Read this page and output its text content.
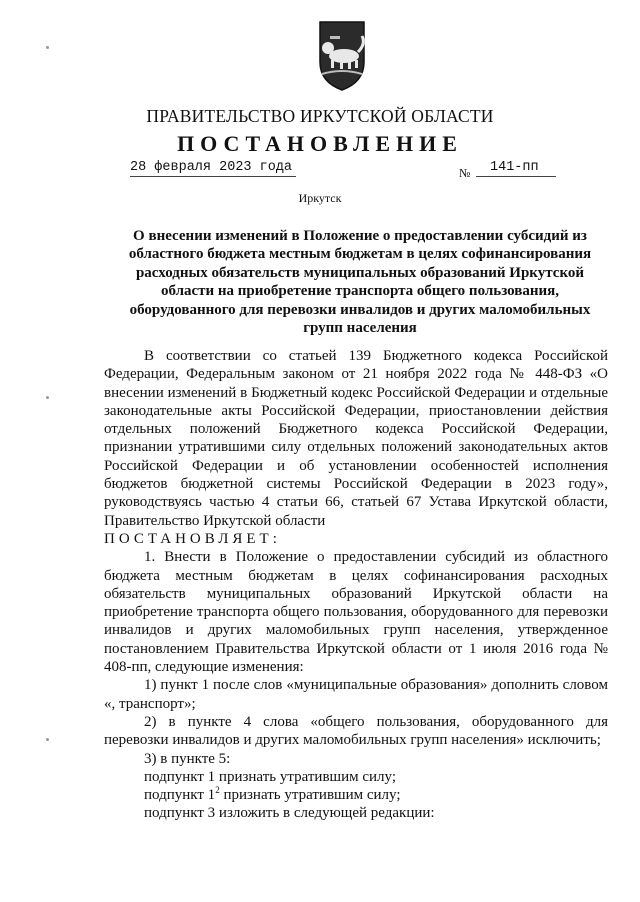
ПРАВИТЕЛЬСТВО ИРКУТСКОЙ ОБЛАСТИ
ПОСТАНОВЛЕНИЕ
28 февраля 2023 года	№	141-пп
Иркутск
О внесении изменений в Положение о предоставлении субсидий из областного бюджета местным бюджетам в целях софинансирования расходных обязательств муниципальных образований Иркутской области на приобретение транспорта общего пользования, оборудованного для перевозки инвалидов и других маломобильных групп населения

В соответствии со статьей 139 Бюджетного кодекса Российской Федерации, Федеральным законом от 21 ноября 2022 года № 448-ФЗ «О внесении изменений в Бюджетный кодекс Российской Федерации и отдельные законодательные акты Российской Федерации, приостановлении действия отдельных положений Бюджетного кодекса Российской Федерации, признании утратившими силу отдельных положений законодательных актов Российской Федерации и об установлении особенностей исполнения бюджетов бюджетной системы Российской Федерации в 2023 году», руководствуясь частью 4 статьи 66, статьей 67 Устава Иркутской области, Правительство Иркутской области

ПОСТАНОВЛЯЕТ:

1. Внести в Положение о предоставлении субсидий из областного бюджета местным бюджетам в целях софинансирования расходных обязательств муниципальных образований Иркутской области на приобретение транспорта общего пользования, оборудованного для перевозки инвалидов и других маломобильных групп населения, утвержденное постановлением Правительства Иркутской области от 1 июля 2016 года № 408-пп, следующие изменения:

1) пункт 1 после слов «муниципальные образования» дополнить словом «, транспорт»;

2) в пункте 4 слова «общего пользования, оборудованного для перевозки инвалидов и других маломобильных групп населения» исключить;

3) в пункте 5:

подпункт 1 признать утратившим силу;

подпункт $1^2$ признать утратившим силу;

подпункт 3 изложить в следующей редакции:
